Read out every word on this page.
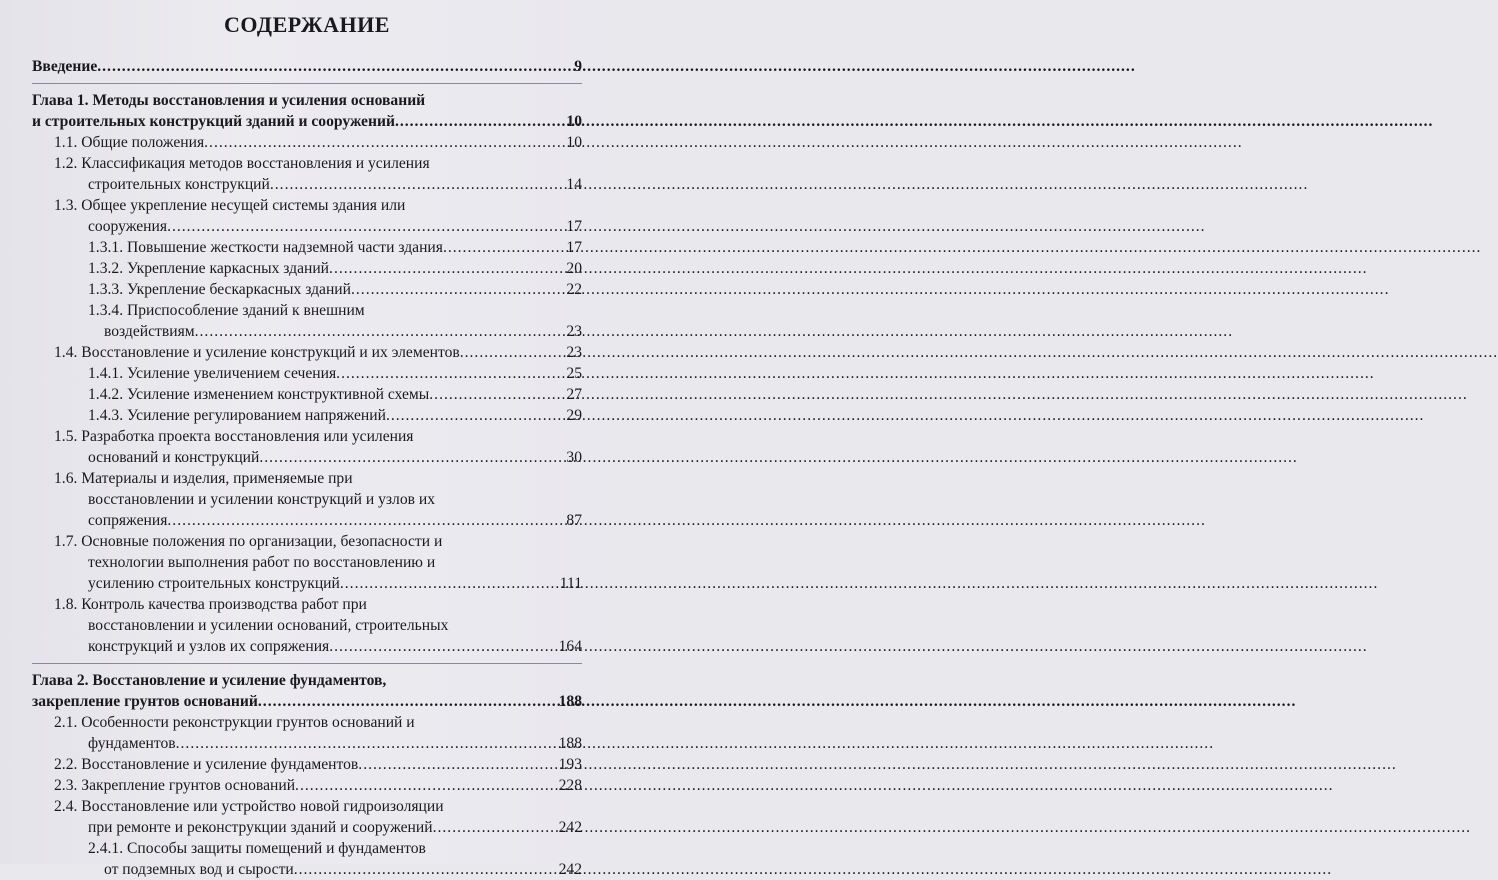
СОДЕРЖАНИЕ
Введение .....	9
Глава 1. Методы восстановления и усиления оснований
и строительных конструкций зданий и сооружений .....	10
1.1. Общие положения .....	10
1.2. Классификация методов восстановления и усиления
строительных конструкций .....	14
1.3. Общее укрепление несущей системы здания или
сооружения .....	17
1.3.1. Повышение жесткости надземной части здания .....	17
1.3.2. Укрепление каркасных зданий .....	20
1.3.3. Укрепление бескаркасных зданий .....	22
1.3.4. Приспособление зданий к внешним
воздействиям .....	23
1.4. Восстановление и усиление конструкций и их элементов .....	23
1.4.1. Усиление увеличением сечения .....	25
1.4.2. Усиление изменением конструктивной схемы .....	27
1.4.3. Усиление регулированием напряжений .....	29
1.5. Разработка проекта восстановления или усиления
оснований и конструкций .....	30
1.6. Материалы и изделия, применяемые при
восстановлении и усилении конструкций и узлов их
сопряжения .....	87
1.7. Основные положения по организации, безопасности и
технологии выполнения работ по восстановлению и
усилению строительных конструкций .....	111
1.8. Контроль качества производства работ при
восстановлении и усилении оснований, строительных
конструкций и узлов их сопряжения .....	164
Глава 2. Восстановление и усиление фундаментов,
закрепление грунтов оснований .....	188
2.1. Особенности реконструкции грунтов оснований и
фундаментов .....	188
2.2. Восстановление и усиление фундаментов .....	193
2.3. Закрепление грунтов оснований .....	228
2.4. Восстановление или устройство новой гидроизоляции
при ремонте и реконструкции зданий и сооружений .....	242
2.4.1. Способы защиты помещений и фундаментов
от подземных вод и сырости .....	242
